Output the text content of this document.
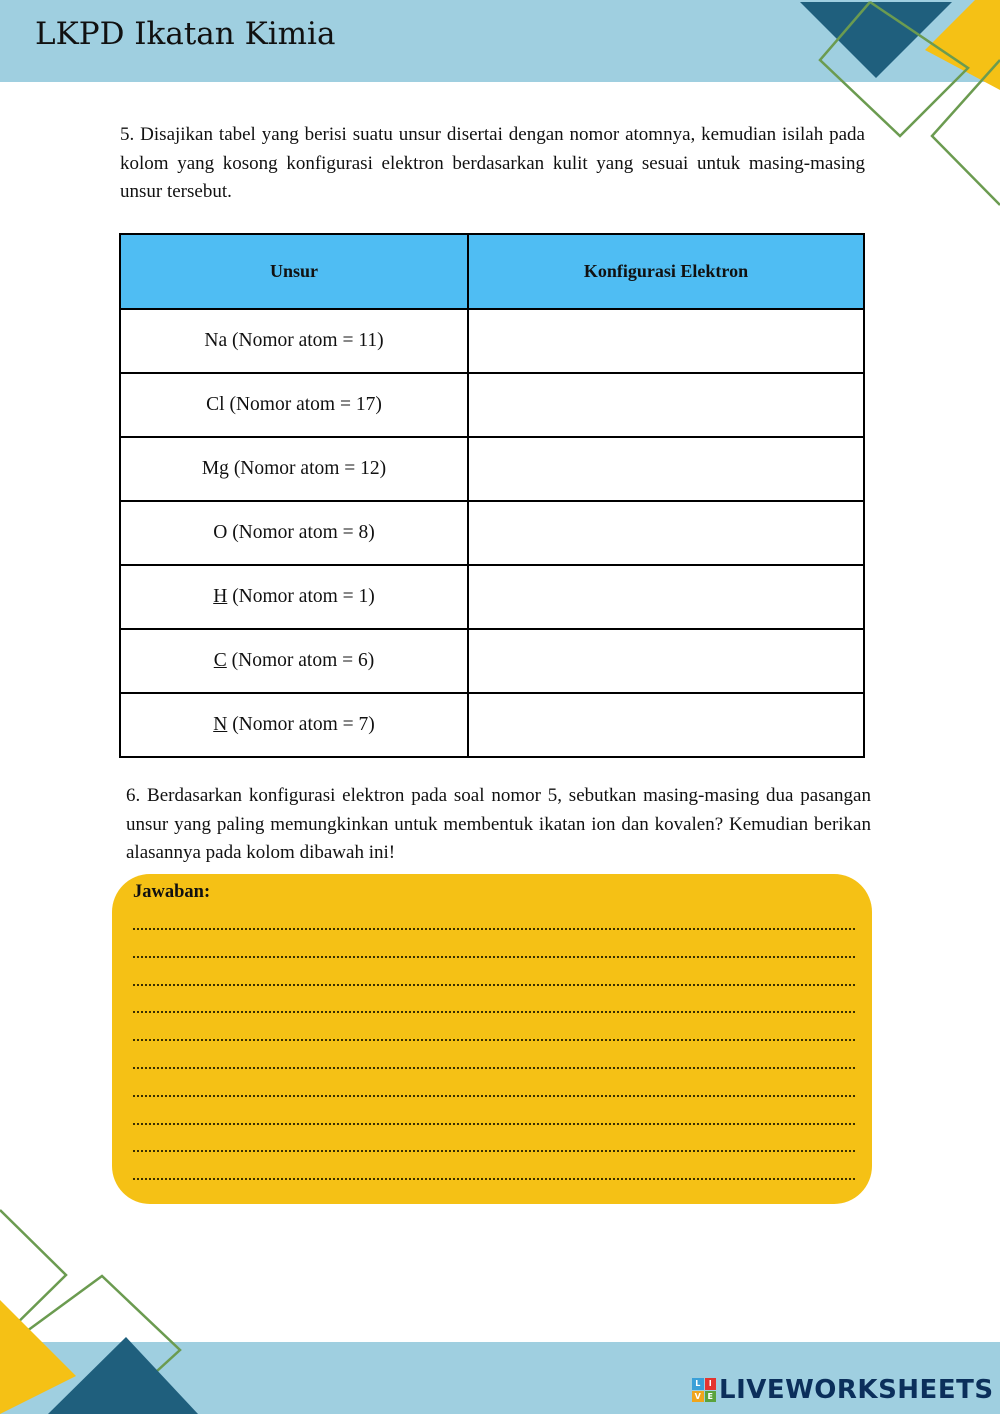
LKPD Ikatan Kimia

5. Disajikan tabel yang berisi suatu unsur disertai dengan nomor atomnya, kemudian isilah pada kolom yang kosong konfigurasi elektron berdasarkan kulit yang sesuai untuk masing-masing unsur tersebut.

Unsur	Konfigurasi Elektron
Na (Nomor atom = 11)	
Cl (Nomor atom = 17)	
Mg (Nomor atom = 12)	
O (Nomor atom = 8)	
H (Nomor atom = 1)	
C (Nomor atom = 6)	
N (Nomor atom = 7)	

6. Berdasarkan konfigurasi elektron pada soal nomor 5, sebutkan masing-masing dua pasangan unsur yang paling memungkinkan untuk membentuk ikatan ion dan kovalen? Kemudian berikan alasannya pada kolom dibawah ini!

Jawaban:
L	I
V E LIVEWORKSHEETS
